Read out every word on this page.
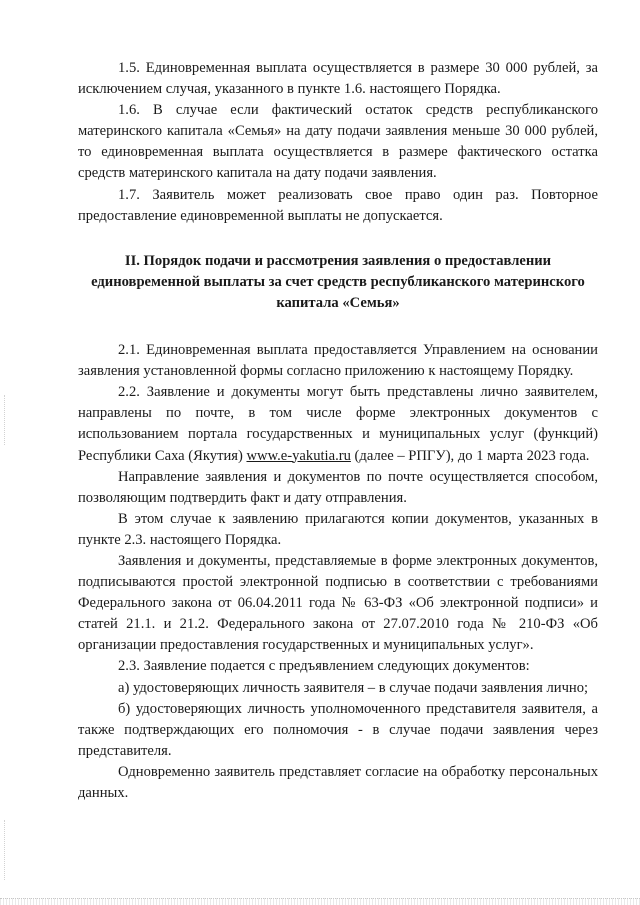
1.5. Единовременная выплата осуществляется в размере 30 000 рублей, за исключением случая, указанного в пункте 1.6. настоящего Порядка.

1.6. В случае если фактический остаток средств республиканского материнского капитала «Семья» на дату подачи заявления меньше 30 000 рублей, то единовременная выплата осуществляется в размере фактического остатка средств материнского капитала на дату подачи заявления.

1.7. Заявитель может реализовать свое право один раз. Повторное предоставление единовременной выплаты не допускается.

II. Порядок подачи и рассмотрения заявления о предоставлении единовременной выплаты за счет средств республиканского материнского капитала «Семья»

2.1. Единовременная выплата предоставляется Управлением на основании заявления установленной формы согласно приложению к настоящему Порядку.

2.2. Заявление и документы могут быть представлены лично заявителем, направлены по почте, в том числе форме электронных документов с использованием портала государственных и муниципальных услуг (функций) Республики Саха (Якутия) www.e-yakutia.ru (далее – РПГУ), до 1 марта 2023 года.

Направление заявления и документов по почте осуществляется способом, позволяющим подтвердить факт и дату отправления.

В этом случае к заявлению прилагаются копии документов, указанных в пункте 2.3. настоящего Порядка.

Заявления и документы, представляемые в форме электронных документов, подписываются простой электронной подписью в соответствии с требованиями Федерального закона от 06.04.2011 года № 63-ФЗ «Об электронной подписи» и статей 21.1. и 21.2. Федерального закона от 27.07.2010 года № 210-ФЗ «Об организации предоставления государственных и муниципальных услуг».

2.3. Заявление подается с предъявлением следующих документов:

а) удостоверяющих личность заявителя – в случае подачи заявления лично;

б) удостоверяющих личность уполномоченного представителя заявителя, а также подтверждающих его полномочия - в случае подачи заявления через представителя.

Одновременно заявитель представляет согласие на обработку персональных данных.
